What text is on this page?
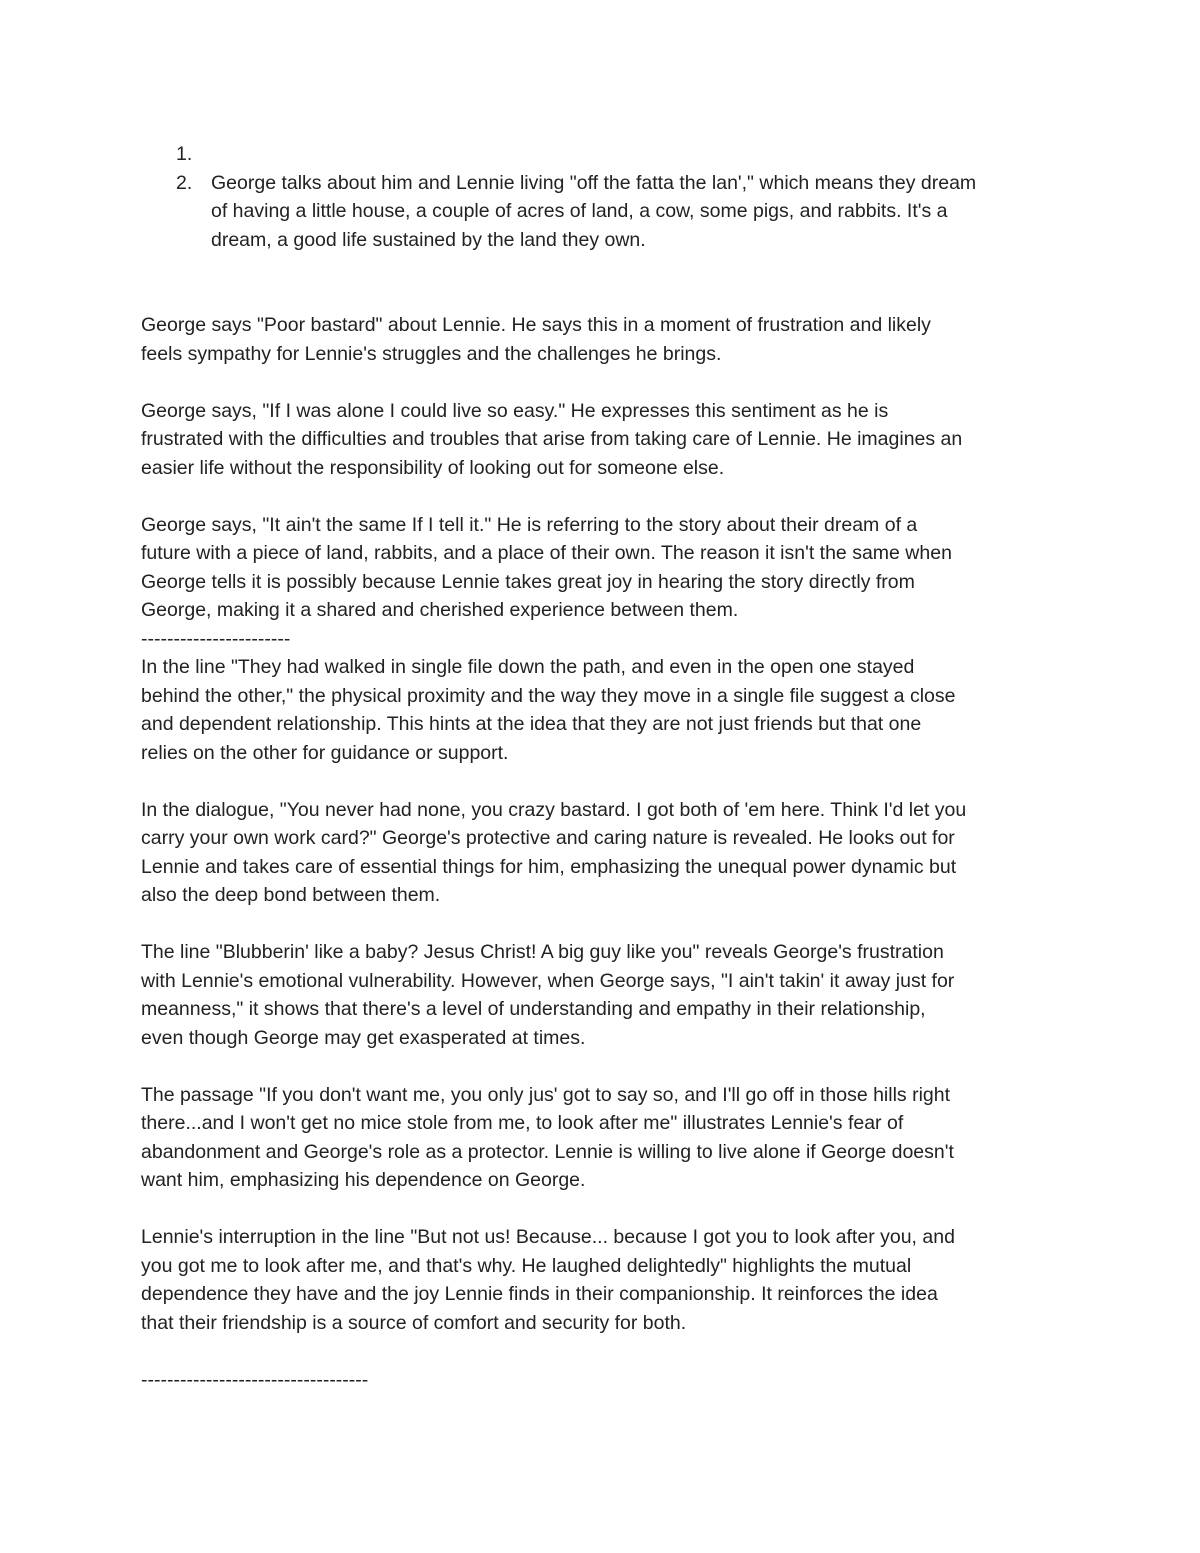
1.
2. George talks about him and Lennie living "off the fatta the lan'," which means they dream
of having a little house, a couple of acres of land, a cow, some pigs, and rabbits. It's a
dream, a good life sustained by the land they own.
George says "Poor bastard" about Lennie. He says this in a moment of frustration and likely
feels sympathy for Lennie's struggles and the challenges he brings.
George says, "If I was alone I could live so easy." He expresses this sentiment as he is
frustrated with the difficulties and troubles that arise from taking care of Lennie. He imagines an
easier life without the responsibility of looking out for someone else.
George says, "It ain't the same If I tell it." He is referring to the story about their dream of a
future with a piece of land, rabbits, and a place of their own. The reason it isn't the same when
George tells it is possibly because Lennie takes great joy in hearing the story directly from
George, making it a shared and cherished experience between them.
-----------------------
In the line "They had walked in single file down the path, and even in the open one stayed
behind the other," the physical proximity and the way they move in a single file suggest a close
and dependent relationship. This hints at the idea that they are not just friends but that one
relies on the other for guidance or support.
In the dialogue, "You never had none, you crazy bastard. I got both of 'em here. Think I'd let you
carry your own work card?" George's protective and caring nature is revealed. He looks out for
Lennie and takes care of essential things for him, emphasizing the unequal power dynamic but
also the deep bond between them.
The line "Blubberin' like a baby? Jesus Christ! A big guy like you" reveals George's frustration
with Lennie's emotional vulnerability. However, when George says, "I ain't takin' it away just for
meanness," it shows that there's a level of understanding and empathy in their relationship,
even though George may get exasperated at times.
The passage "If you don't want me, you only jus' got to say so, and I'll go off in those hills right
there...and I won't get no mice stole from me, to look after me" illustrates Lennie's fear of
abandonment and George's role as a protector. Lennie is willing to live alone if George doesn't
want him, emphasizing his dependence on George.
Lennie's interruption in the line "But not us! Because... because I got you to look after you, and
you got me to look after me, and that's why. He laughed delightedly" highlights the mutual
dependence they have and the joy Lennie finds in their companionship. It reinforces the idea
that their friendship is a source of comfort and security for both.
-----------------------------------
